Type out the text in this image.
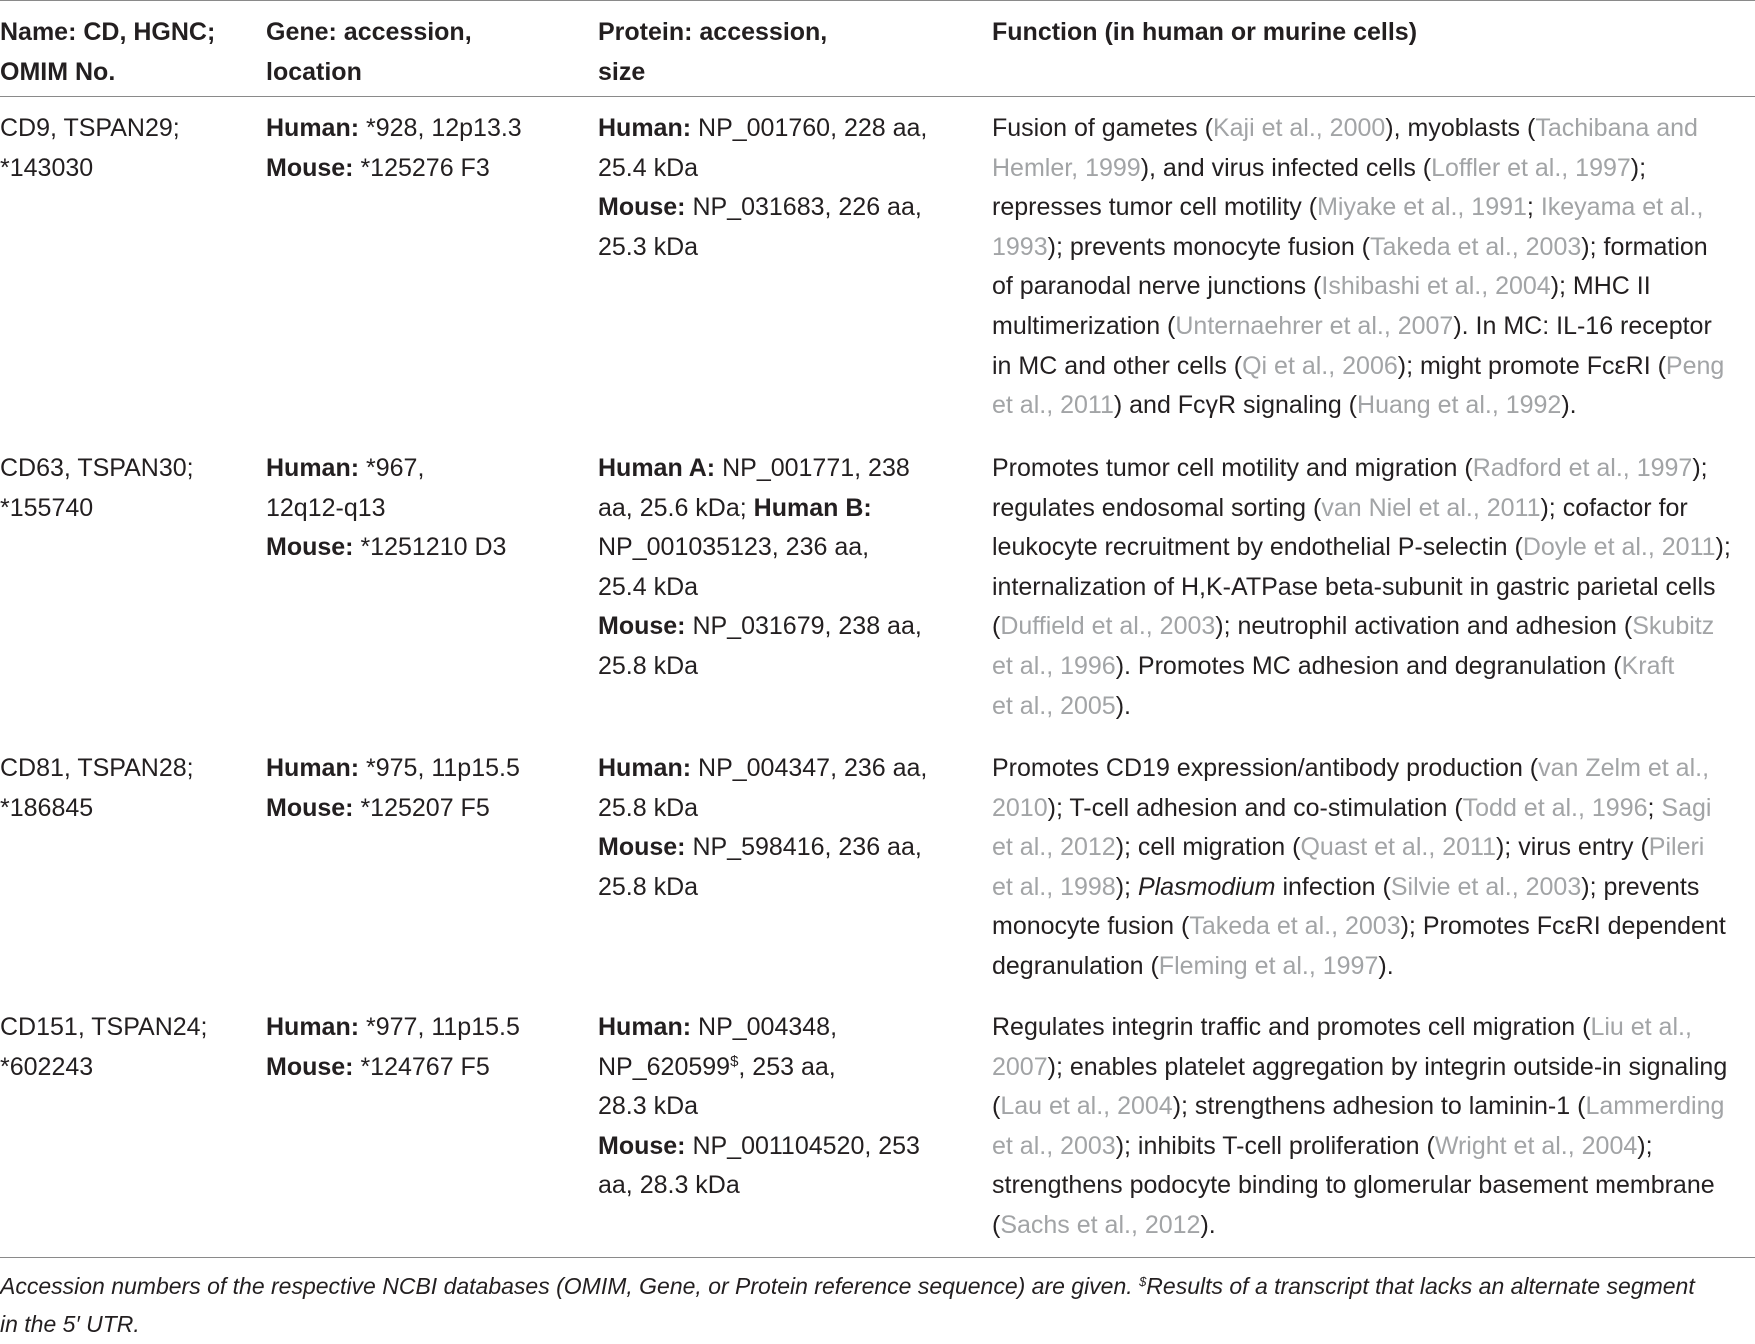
Name: CD, HGNC;
OMIM No.
Gene: accession,
location
Protein: accession,
size
Function (in human or murine cells)
CD9, TSPAN29;
*143030
Human: *928, 12p13.3
Mouse: *125276 F3
Human: NP_001760, 228 aa,
25.4 kDa
Mouse: NP_031683, 226 aa,
25.3 kDa
Fusion of gametes (Kaji et al., 2000), myoblasts (Tachibana and
Hemler, 1999), and virus infected cells (Loffler et al., 1997);
represses tumor cell motility (Miyake et al., 1991; Ikeyama et al.,
1993); prevents monocyte fusion (Takeda et al., 2003); formation
of paranodal nerve junctions (Ishibashi et al., 2004); MHC II
multimerization (Unternaehrer et al., 2007). In MC: IL-16 receptor
in MC and other cells (Qi et al., 2006); might promote FcεRI (Peng
et al., 2011) and FcγR signaling (Huang et al., 1992).
CD63, TSPAN30;
*155740
Human: *967,
12q12-q13
Mouse: *1251210 D3
Human A: NP_001771, 238
aa, 25.6 kDa; Human B:
NP_001035123, 236 aa,
25.4 kDa
Mouse: NP_031679, 238 aa,
25.8 kDa
Promotes tumor cell motility and migration (Radford et al., 1997);
regulates endosomal sorting (van Niel et al., 2011); cofactor for
leukocyte recruitment by endothelial P-selectin (Doyle et al., 2011);
internalization of H,K-ATPase beta-subunit in gastric parietal cells
(Duffield et al., 2003); neutrophil activation and adhesion (Skubitz
et al., 1996). Promotes MC adhesion and degranulation (Kraft
et al., 2005).
CD81, TSPAN28;
*186845
Human: *975, 11p15.5
Mouse: *125207 F5
Human: NP_004347, 236 aa,
25.8 kDa
Mouse: NP_598416, 236 aa,
25.8 kDa
Promotes CD19 expression/antibody production (van Zelm et al.,
2010); T-cell adhesion and co-stimulation (Todd et al., 1996; Sagi
et al., 2012); cell migration (Quast et al., 2011); virus entry (Pileri
et al., 1998); Plasmodium infection (Silvie et al., 2003); prevents
monocyte fusion (Takeda et al., 2003); Promotes FcεRI dependent
degranulation (Fleming et al., 1997).
CD151, TSPAN24;
*602243
Human: *977, 11p15.5
Mouse: *124767 F5
Human: NP_004348,
NP_620599$, 253 aa,
28.3 kDa
Mouse: NP_001104520, 253
aa, 28.3 kDa
Regulates integrin traffic and promotes cell migration (Liu et al.,
2007); enables platelet aggregation by integrin outside-in signaling
(Lau et al., 2004); strengthens adhesion to laminin-1 (Lammerding
et al., 2003); inhibits T-cell proliferation (Wright et al., 2004);
strengthens podocyte binding to glomerular basement membrane
(Sachs et al., 2012).
Accession numbers of the respective NCBI databases (OMIM, Gene, or Protein reference sequence) are given. $Results of a transcript that lacks an alternate segment
in the 5′ UTR.
